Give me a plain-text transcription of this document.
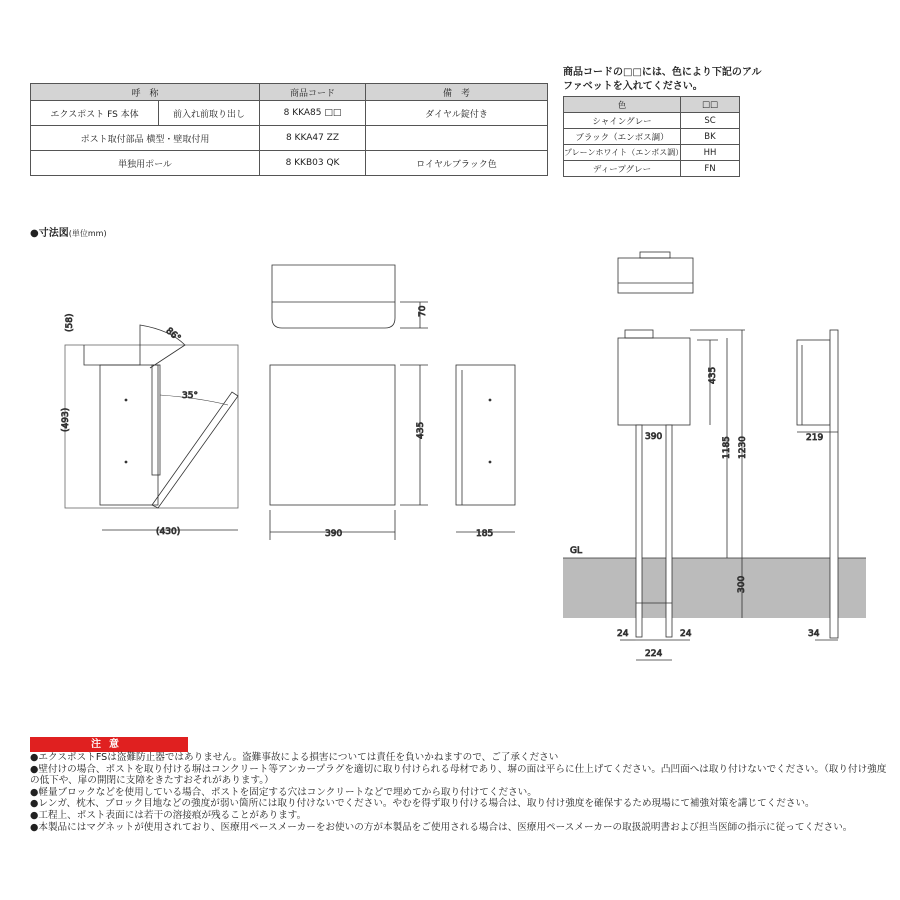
呼　称		商品コード	備　考
エクスポスト FS 本体	前入れ前取り出し	8 KKA85 □□	ダイヤル錠付き
ポスト取付部品 横型・壁取付用		8 KKA47 ZZ	
単独用ポール		8 KKB03 QK	ロイヤルブラック色
商品コードの□□には、色により下記のアルファベットを入れてください。
色	□□
シャイングレー	SC
ブラック（エンボス調）	BK
プレーンホワイト（エンボス調）	HH
ディープグレー	FN
●寸法図(単位mm)
(58)
86°
35°
(493)
(430)
70
435
390	185
GL
435
390	1185 1230
300
24	24
224
219
34
注意

●エクスポストFSは盗難防止器ではありません。盗難事故による損害については責任を負いかねますので、ご了承ください

●壁付けの場合、ポストを取り付ける塀はコンクリート等アンカープラグを適切に取り付けられる母材であり、塀の面は平らに仕上げてください。凸凹面へは取り付けないでください。（取り付け強度の低下や、扉の開閉に支障をきたすおそれがあります。）

●軽量ブロックなどを使用している場合、ポストを固定する穴はコンクリートなどで埋めてから取り付けてください。

●レンガ、枕木、ブロック目地などの強度が弱い箇所には取り付けないでください。やむを得ず取り付ける場合は、取り付け強度を確保するため現場にて補強対策を講じてください。

●工程上、ポスト表面には若干の溶接痕が残ることがあります。

●本製品にはマグネットが使用されており、医療用ペースメーカーをお使いの方が本製品をご使用される場合は、医療用ペースメーカーの取扱説明書および担当医師の指示に従ってください。
